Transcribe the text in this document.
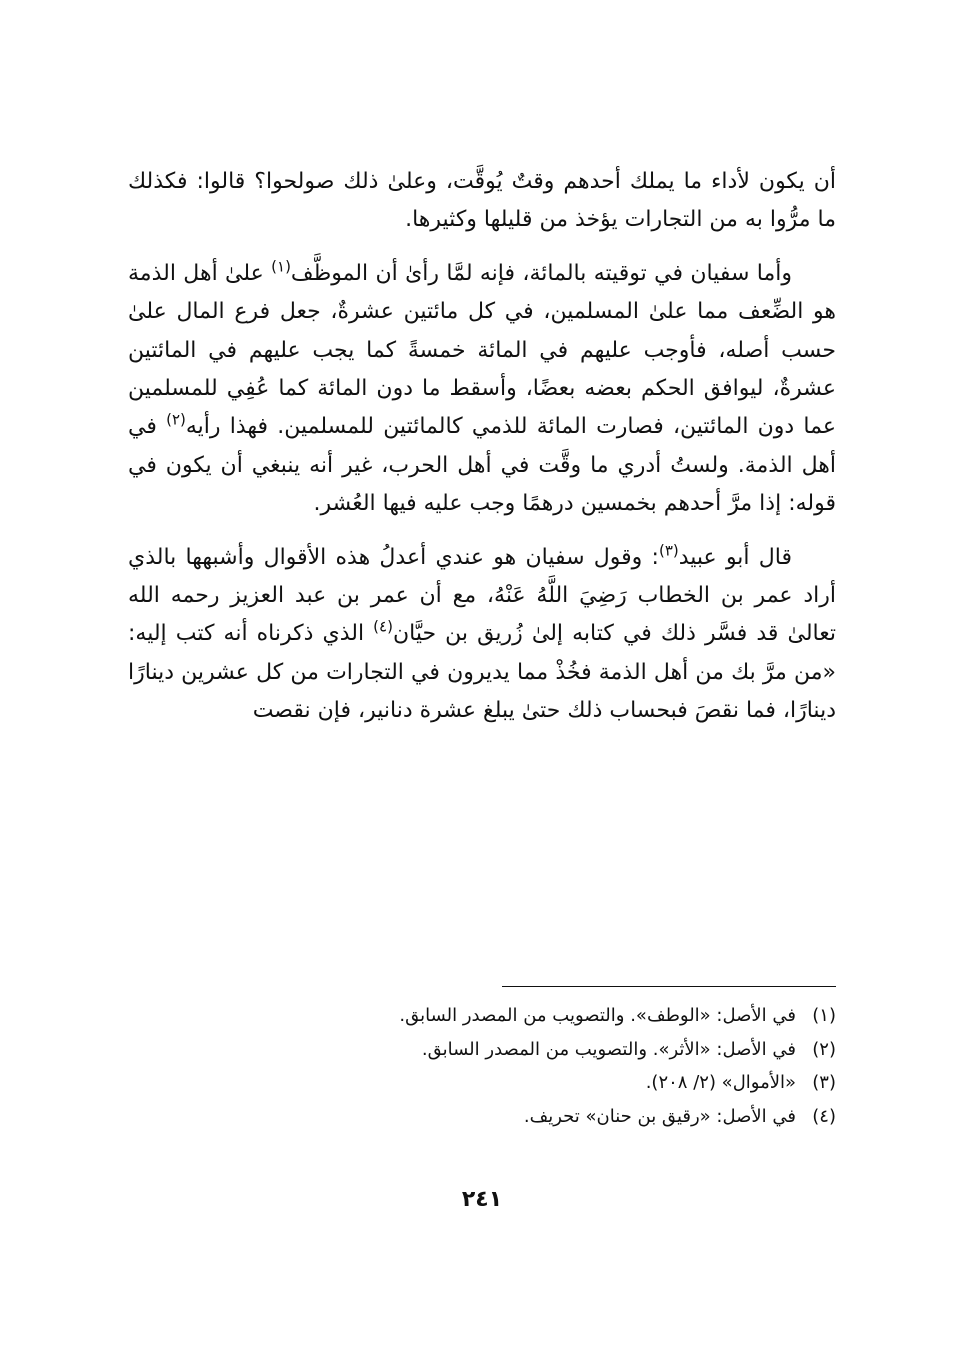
أن يكون لأداء ما يملك أحدهم وقتٌ يُوقَّت، وعلىٰ ذلك صولحوا؟ قالوا: فكذلك ما مرُّوا به من التجارات يؤخذ من قليلها وكثيرها.

وأما سفيان في توقيته بالمائة، فإنه لمَّا رأىٰ أن الموظَّف$^{(١)}$ علىٰ أهل الذمة هو الضِّعف مما علىٰ المسلمين، في كل مائتين عشرةٌ، جعل فرع المال علىٰ حسب أصله، فأوجب عليهم في المائة خمسةً كما يجب عليهم في المائتين عشرةٌ، ليوافق الحكم بعضه بعضًا، وأسقط ما دون المائة كما عُفِي للمسلمين عما دون المائتين، فصارت المائة للذمي كالمائتين للمسلمين. فهذا رأيه$^{(٢)}$ في أهل الذمة. ولستُ أدري ما وقَّت في أهل الحرب، غير أنه ينبغي أن يكون في قوله: إذا مرَّ أحدهم بخمسين درهمًا وجب عليه فيها العُشر.

قال أبو عبيد$^{(٣)}$: وقول سفيان هو عندي أعدلُ هذه الأقوال وأشبهها بالذي أراد عمر بن الخطاب رَضِيَ اللَّهُ عَنْهُ، مع أن عمر بن عبد العزيز رحمه الله تعالىٰ قد فسَّر ذلك في كتابه إلىٰ زُريق بن حيَّان$^{(٤)}$ الذي ذكرناه أنه كتب إليه: «من مرَّ بك من أهل الذمة فخُذْ مما يديرون في التجارات من كل عشرين دينارًا دينارًا، فما نقصَ فبحساب ذلك حتىٰ يبلغ عشرة دنانير، فإن نقصت

(١)
في الأصل: «الوطف». والتصويب من المصدر السابق.
(٢)
في الأصل: «الأثر». والتصويب من المصدر السابق.
(٣)
«الأموال» (٢/ ٢٠٨).
(٤)
في الأصل: «رقيق بن حنان» تحريف.
٢٤١
